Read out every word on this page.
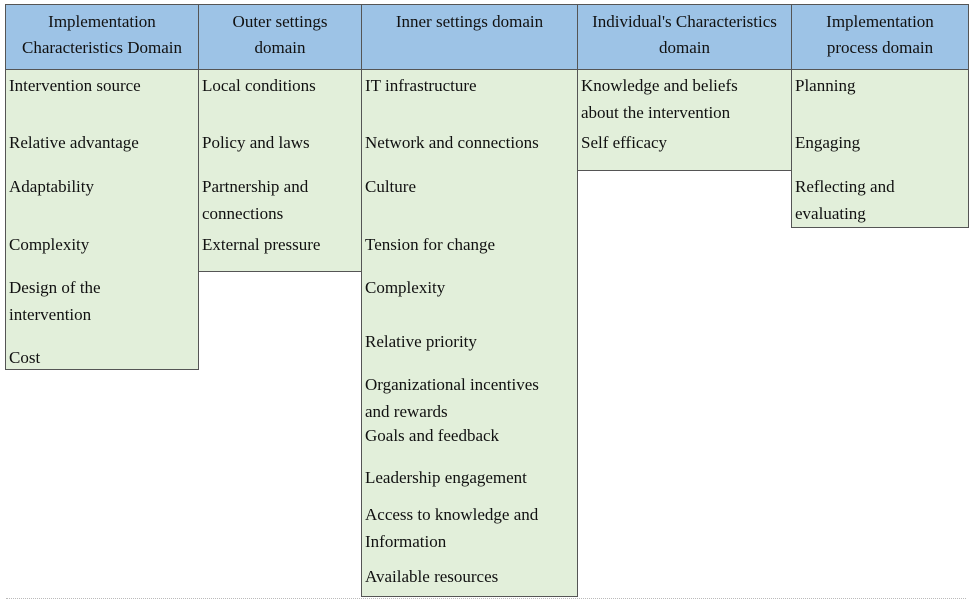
Implementation
Characteristics Domain
Intervention source
Relative advantage
Adaptability
Complexity
Design of the intervention
Cost
Outer settings
domain
Local conditions
Policy and laws
Partnership and connections
External pressure
Inner settings domain
IT infrastructure
Network and connections
Culture
Tension for change
Complexity
Relative priority
Organizational incentives and rewards
Goals and feedback
Leadership engagement
Access to knowledge and Information
Available resources
Individual's Characteristics
domain
Knowledge and beliefs about the intervention
Self efficacy
Implementation
process domain
Planning
Engaging
Reflecting and evaluating
